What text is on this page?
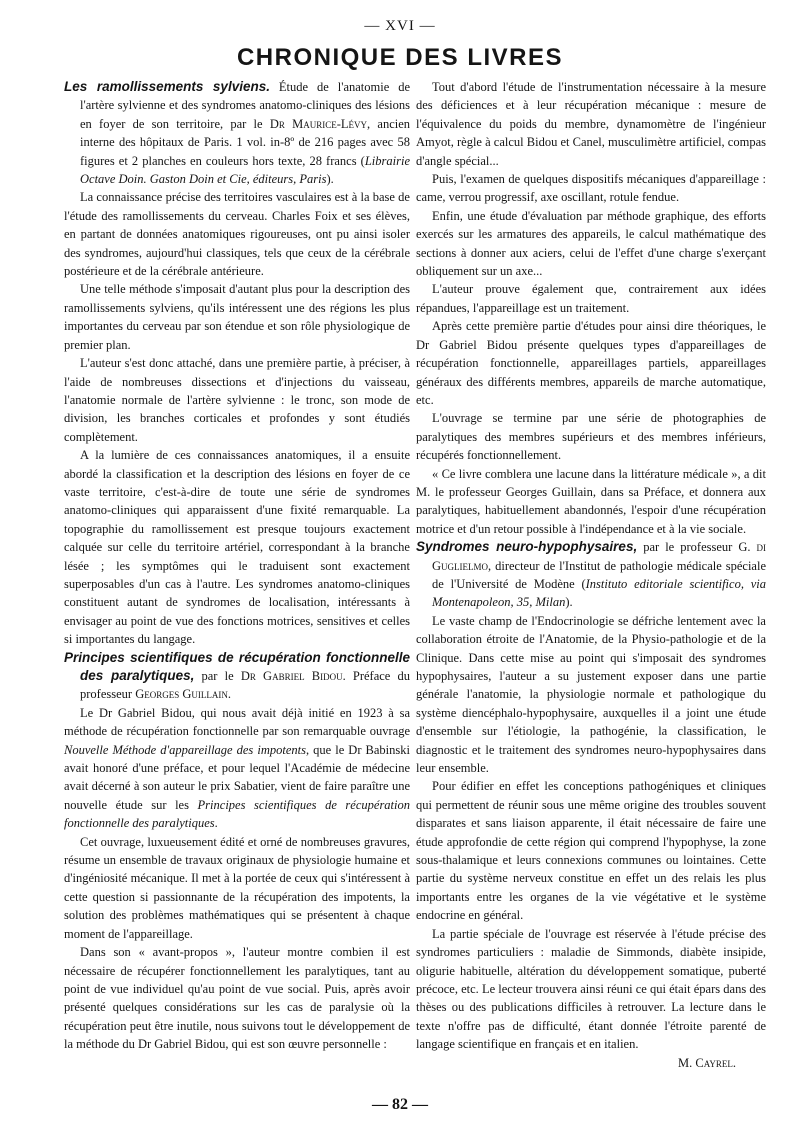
— XVI —
CHRONIQUE DES LIVRES

Les ramollissements sylviens. Étude de l'anatomie de l'artère sylvienne et des syndromes anatomo-cliniques des lésions en foyer de son territoire, par le Dr Maurice-Lévy, ancien interne des hôpitaux de Paris. 1 vol. in-8º de 216 pages avec 58 figures et 2 planches en couleurs hors texte, 28 francs (Librairie Octave Doin. Gaston Doin et Cie, éditeurs, Paris).

La connaissance précise des territoires vasculaires est à la base de l'étude des ramollissements du cerveau. Charles Foix et ses élèves, en partant de données anatomiques rigoureuses, ont pu ainsi isoler des syndromes, aujourd'hui classiques, tels que ceux de la cérébrale postérieure et de la cérébrale antérieure.

Une telle méthode s'imposait d'autant plus pour la description des ramollissements sylviens, qu'ils intéressent une des régions les plus importantes du cerveau par son étendue et son rôle physiologique de premier plan.

L'auteur s'est donc attaché, dans une première partie, à préciser, à l'aide de nombreuses dissections et d'injections du vaisseau, l'anatomie normale de l'artère sylvienne : le tronc, son mode de division, les branches corticales et profondes y sont étudiés complètement.

A la lumière de ces connaissances anatomiques, il a ensuite abordé la classification et la description des lésions en foyer de ce vaste territoire, c'est-à-dire de toute une série de syndromes anatomo-cliniques qui apparaissent d'une fixité remarquable. La topographie du ramollissement est presque toujours exactement calquée sur celle du territoire artériel, correspondant à la branche lésée ; les symptômes qui le traduisent sont exactement superposables d'un cas à l'autre. Les syndromes anatomo-cliniques constituent autant de syndromes de localisation, intéressants à envisager au point de vue des fonctions motrices, sensitives et celles si importantes du langage.

Principes scientifiques de récupération fonctionnelle des paralytiques, par le Dr Gabriel Bidou. Préface du professeur Georges Guillain.

Le Dr Gabriel Bidou, qui nous avait déjà initié en 1923 à sa méthode de récupération fonctionnelle par son remarquable ouvrage Nouvelle Méthode d'appareillage des impotents, que le Dr Babinski avait honoré d'une préface, et pour lequel l'Académie de médecine avait décerné à son auteur le prix Sabatier, vient de faire paraître une nouvelle étude sur les Principes scientifiques de récupération fonctionnelle des paralytiques.

Cet ouvrage, luxueusement édité et orné de nombreuses gravures, résume un ensemble de travaux originaux de physiologie humaine et d'ingéniosité mécanique. Il met à la portée de ceux qui s'intéressent à cette question si passionnante de la récupération des impotents, la solution des problèmes mathématiques qui se présentent à chaque moment de l'appareillage.

Dans son « avant-propos », l'auteur montre combien il est nécessaire de récupérer fonctionnellement les paralytiques, tant au point de vue individuel qu'au point de vue social. Puis, après avoir présenté quelques considérations sur les cas de paralysie où la récupération peut être inutile, nous suivons tout le développement de la méthode du Dr Gabriel Bidou, qui est son œuvre personnelle :

Tout d'abord l'étude de l'instrumentation nécessaire à la mesure des déficiences et à leur récupération mécanique : mesure de l'équivalence du poids du membre, dynamomètre de l'ingénieur Amyot, règle à calcul Bidou et Canel, musculimètre artificiel, compas d'angle spécial...

Puis, l'examen de quelques dispositifs mécaniques d'appareillage : came, verrou progressif, axe oscillant, rotule fendue.

Enfin, une étude d'évaluation par méthode graphique, des efforts exercés sur les armatures des appareils, le calcul mathématique des sections à donner aux aciers, celui de l'effet d'une charge s'exerçant obliquement sur un axe...

L'auteur prouve également que, contrairement aux idées répandues, l'appareillage est un traitement.

Après cette première partie d'études pour ainsi dire théoriques, le Dr Gabriel Bidou présente quelques types d'appareillages de récupération fonctionnelle, appareillages partiels, appareillages généraux des différents membres, appareils de marche automatique, etc.

L'ouvrage se termine par une série de photographies de paralytiques des membres supérieurs et des membres inférieurs, récupérés fonctionnellement.

« Ce livre comblera une lacune dans la littérature médicale », a dit M. le professeur Georges Guillain, dans sa Préface, et donnera aux paralytiques, habituellement abandonnés, l'espoir d'une récupération motrice et d'un retour possible à l'indépendance et à la vie sociale.

Syndromes neuro-hypophysaires, par le professeur G. di Guglielmo, directeur de l'Institut de pathologie médicale spéciale de l'Université de Modène (Instituto editoriale scientifico, via Montenapoleon, 35, Milan).

Le vaste champ de l'Endocrinologie se défriche lentement avec la collaboration étroite de l'Anatomie, de la Physio-pathologie et de la Clinique. Dans cette mise au point qui s'imposait des syndromes hypophysaires, l'auteur a su justement exposer dans une partie générale l'anatomie, la physiologie normale et pathologique du système diencéphalo-hypophysaire, auxquelles il a joint une étude d'ensemble sur l'étiologie, la pathogénie, la classification, le diagnostic et le traitement des syndromes neuro-hypophysaires dans leur ensemble.

Pour édifier en effet les conceptions pathogéniques et cliniques qui permettent de réunir sous une même origine des troubles souvent disparates et sans liaison apparente, il était nécessaire de faire une étude approfondie de cette région qui comprend l'hypophyse, la zone sous-thalamique et leurs connexions communes ou lointaines. Cette partie du système nerveux constitue en effet un des relais les plus importants entre les organes de la vie végétative et le système endocrine en général.

La partie spéciale de l'ouvrage est réservée à l'étude précise des syndromes particuliers : maladie de Simmonds, diabète insipide, oligurie habituelle, altération du développement somatique, puberté précoce, etc. Le lecteur trouvera ainsi réuni ce qui était épars dans des thèses ou des publications difficiles à retrouver. La lecture dans le texte n'offre pas de difficulté, étant donnée l'étroite parenté de langage scientifique en français et en italien.

M. Cayrel.

— 82 —
